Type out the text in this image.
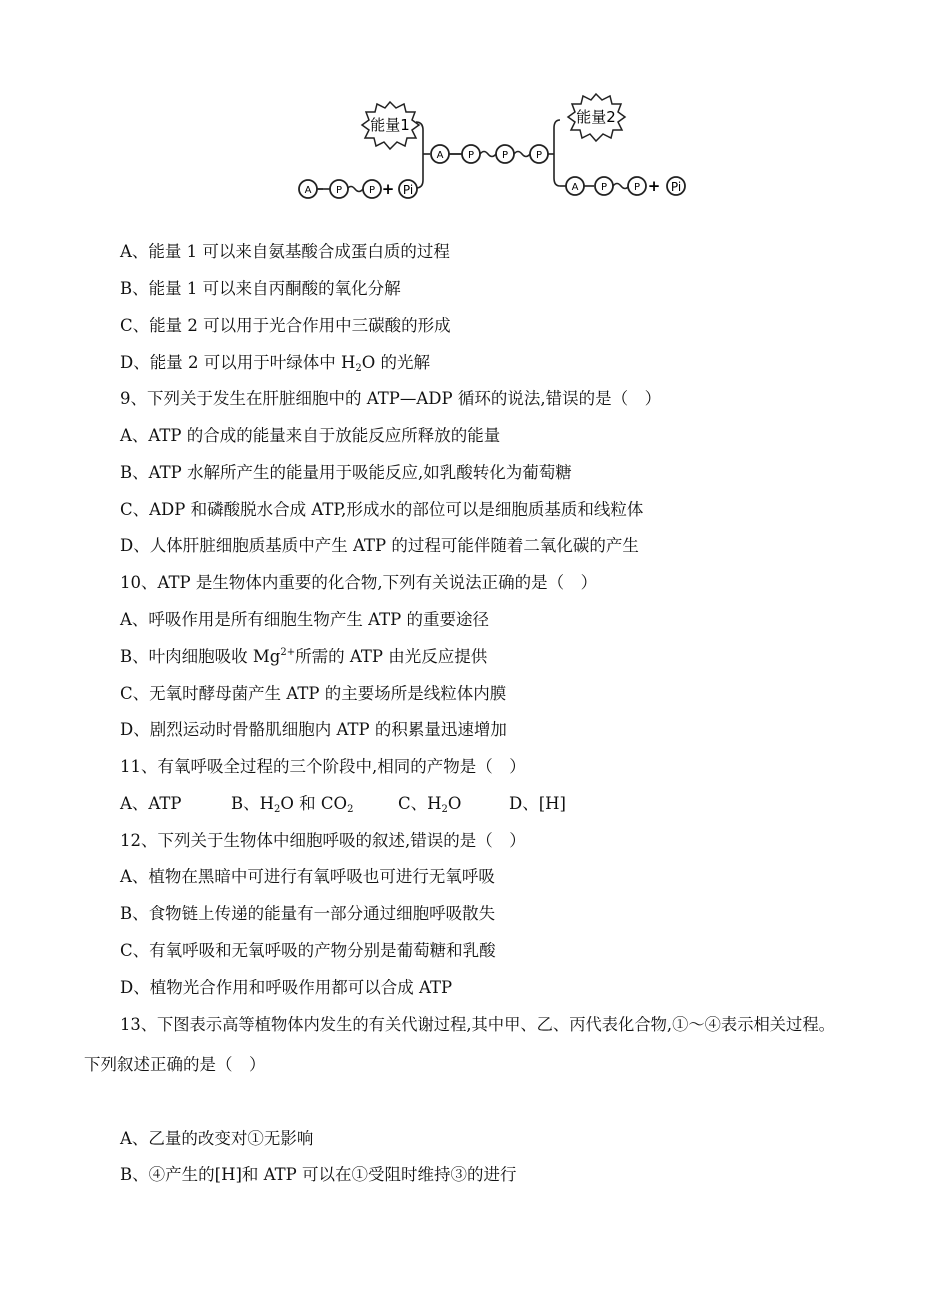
能量1	能量2
A P	P + Pi
A P	P	P
A P	P + Pi

A、能量 1 可以来自氨基酸合成蛋白质的过程

B、能量 1 可以来自丙酮酸的氧化分解

C、能量 2 可以用于光合作用中三碳酸的形成

D、能量 2 可以用于叶绿体中 $H_2O$ 的光解

9、下列关于发生在肝脏细胞中的 ATP—ADP 循环的说法,错误的是（　）

A、ATP 的合成的能量来自于放能反应所释放的能量

B、ATP 水解所产生的能量用于吸能反应,如乳酸转化为葡萄糖

C、ADP 和磷酸脱水合成 ATP,形成水的部位可以是细胞质基质和线粒体

D、人体肝脏细胞质基质中产生 ATP 的过程可能伴随着二氧化碳的产生

10、ATP 是生物体内重要的化合物,下列有关说法正确的是（　）

A、呼吸作用是所有细胞生物产生 ATP 的重要途径

B、叶肉细胞吸收 $Mg^{2+}$所需的 ATP 由光反应提供

C、无氧时酵母菌产生 ATP 的主要场所是线粒体内膜

D、剧烈运动时骨骼肌细胞内 ATP 的积累量迅速增加

11、有氧呼吸全过程的三个阶段中,相同的产物是（　）

A、ATP	B、$H_2O$ 和 $CO_2$	C、$H_2O$	D、[H]

12、下列关于生物体中细胞呼吸的叙述,错误的是（　）

A、植物在黑暗中可进行有氧呼吸也可进行无氧呼吸

B、食物链上传递的能量有一部分通过细胞呼吸散失

C、有氧呼吸和无氧呼吸的产物分别是葡萄糖和乳酸

D、植物光合作用和呼吸作用都可以合成 ATP

13、下图表示高等植物体内发生的有关代谢过程,其中甲、乙、丙代表化合物,①～④表示相关过程。

下列叙述正确的是（　）

A、乙量的改变对①无影响

B、④产生的[H]和 ATP 可以在①受阻时维持③的进行
